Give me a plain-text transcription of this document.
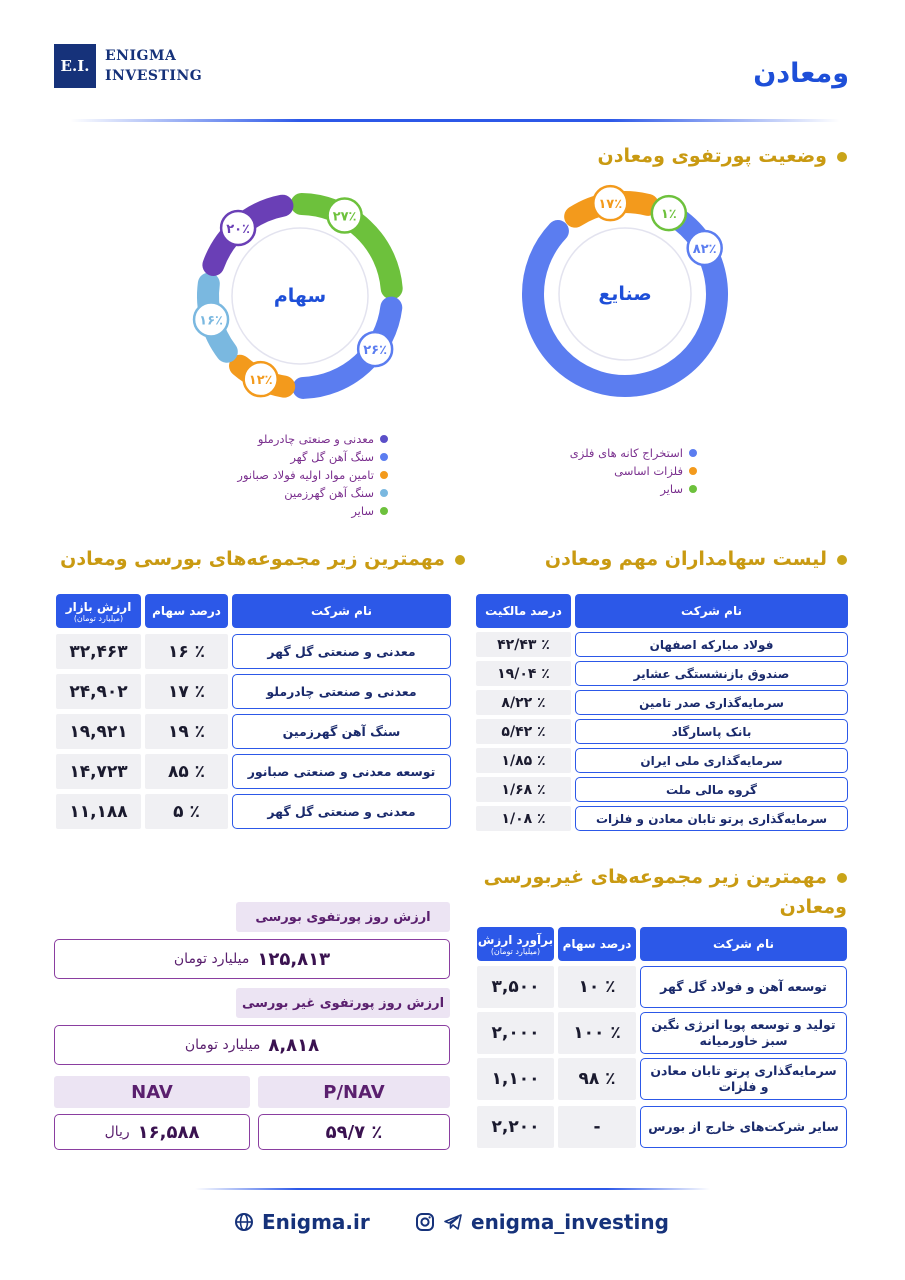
E.I.
ENIGMA
INVESTING	ومعادن
وضعیت پورتفوی ومعادن
سهام
۲۷٪
۲۶٪
۱۲٪
۱۶٪
۲۰٪
صنایع
۸۲٪
۱۷٪
۱٪
معدنی و صنعتی چادرملو
سنگ آهن گل گهر
تامین مواد اولیه فولاد صبانور
سنگ آهن گهرزمین
سایر
استخراج کانه های فلزی
فلزات اساسی
سایر
لیست سهامداران مهم ومعادن
مهمترین زیر مجموعه‌های بورسی ومعادن
نام شرکت
درصد مالکیت
فولاد مبارکه اصفهان
٪ ۴۲/۴۳
صندوق بازنشستگی عشایر
٪ ۱۹/۰۴
سرمایه‌گذاری صدر تامین
٪ ۸/۲۲
بانک پاسارگاد
٪ ۵/۴۲
سرمایه‌گذاری ملی ایران
٪ ۱/۸۵
گروه مالی ملت
٪ ۱/۶۸
سرمایه‌گذاری پرتو تابان معادن و فلزات
٪ ۱/۰۸
نام شرکت
درصد سهام
ارزش بازار
(میلیارد تومان)
معدنی و صنعتی گل گهر
٪ ۱۶
۳۲,۴۶۳
معدنی و صنعتی چادرملو
٪ ۱۷
۲۴,۹۰۲
سنگ آهن گهرزمین
٪ ۱۹
۱۹,۹۲۱
توسعه معدنی و صنعتی صبانور
٪ ۸۵
۱۴,۷۲۳
معدنی و صنعتی گل گهر
٪ ۵
۱۱,۱۸۸
مهمترین زیر مجموعه‌های غیربورسی
ومعادن
نام شرکت
درصد سهام
برآورد ارزش
(میلیارد تومان)
توسعه آهن و فولاد گل گهر
٪ ۱۰
۳,۵۰۰
تولید و توسعه پویا انرژی نگین سبز خاورمیانه
٪ ۱۰۰
۲,۰۰۰
سرمایه‌گذاری پرتو تابان معادن و فلزات
٪ ۹۸
۱,۱۰۰
سایر شرکت‌های خارج از بورس
-
۲,۲۰۰
ارزش روز پورتفوی بورسی
۱۲۵,۸۱۳
میلیارد تومان
ارزش روز پورتفوی غیر بورسی
۸,۸۱۸
میلیارد تومان
P/NAV
NAV
٪ ۵۹/۷
۱۶,۵۸۸
ریال
Enigma.ir	enigma_investing
